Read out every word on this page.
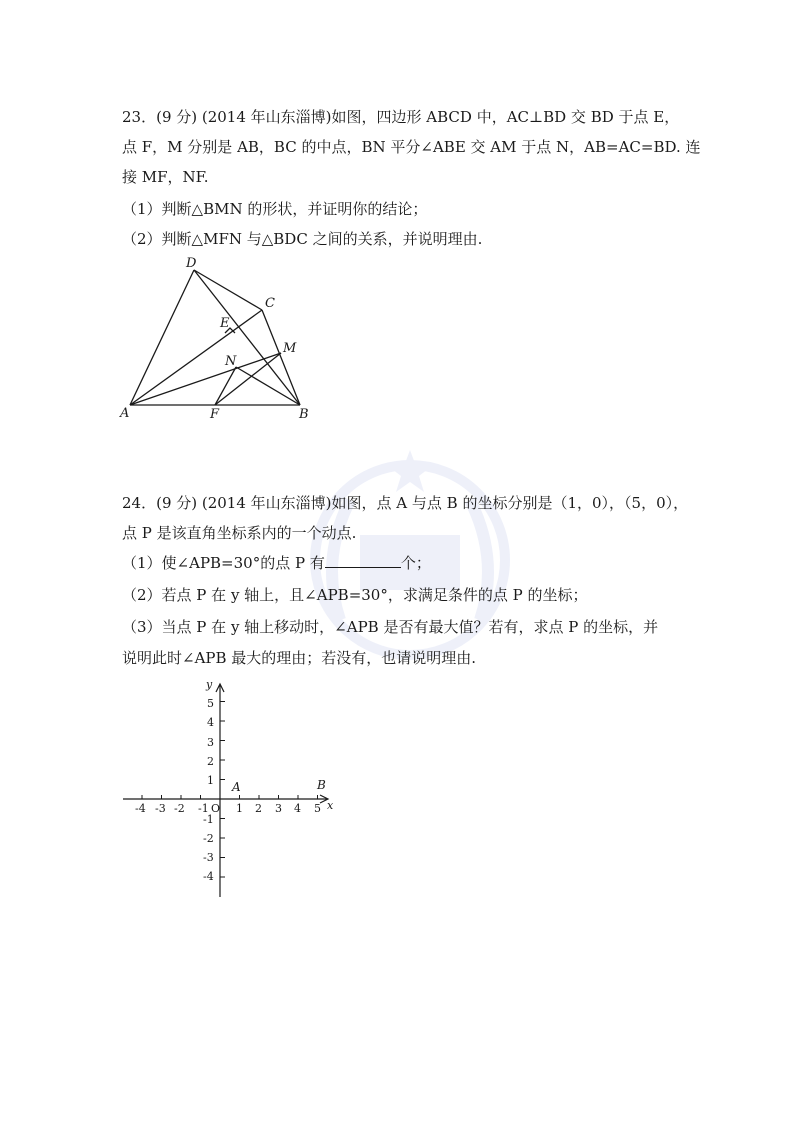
23．(9 分) (2014 年山东淄博)如图，四边形 ABCD 中，AC⊥BD 交 BD 于点 E，
点 F，M 分别是 AB，BC 的中点，BN 平分∠ABE 交 AM 于点 N，AB=AC=BD. 连
接 MF，NF.
（1）判断△BMN 的形状，并证明你的结论；
（2）判断△MFN 与△BDC 之间的关系，并说明理由.
D
C
E
M
N
A	F	B
24．(9 分) (2014 年山东淄博)如图，点 A 与点 B 的坐标分别是（1，0），（5，0），
点 P 是该直角坐标系内的一个动点.
（1）使∠APB=30°的点 P 有	个；
（2）若点 P 在 y 轴上，且∠APB=30°，求满足条件的点 P 的坐标；
（3）当点 P 在 y 轴上移动时，∠APB 是否有最大值？若有，求点 P 的坐标，并
说明此时∠APB 最大的理由；若没有，也请说明理由.
x
y
O
-4 -3 -2 -1 1 2 3 4 5
5
4
3
2
1
-1
-2
-3
-4
A	B
